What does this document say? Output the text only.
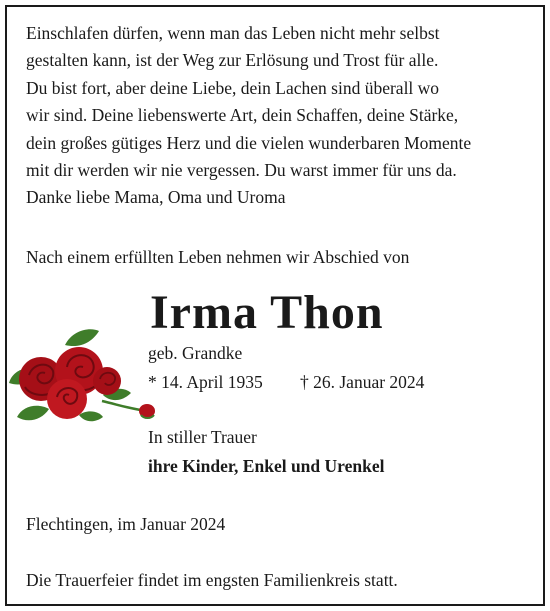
Einschlafen dürfen, wenn man das Leben nicht mehr selbst
gestalten kann, ist der Weg zur Erlösung und Trost für alle.
Du bist fort, aber deine Liebe, dein Lachen sind überall wo
wir sind. Deine liebenswerte Art, dein Schaffen, deine Stärke,
dein großes gütiges Herz und die vielen wunderbaren Momente
mit dir werden wir nie vergessen. Du warst immer für uns da.
Danke liebe Mama, Oma und Uroma
Nach einem erfüllten Leben nehmen wir Abschied von
Irma Thon
geb. Grandke
* 14. April 1935 † 26. Januar 2024
In stiller Trauer
ihre Kinder, Enkel und Urenkel
Flechtingen, im Januar 2024
Die Trauerfeier findet im engsten Familienkreis statt.
